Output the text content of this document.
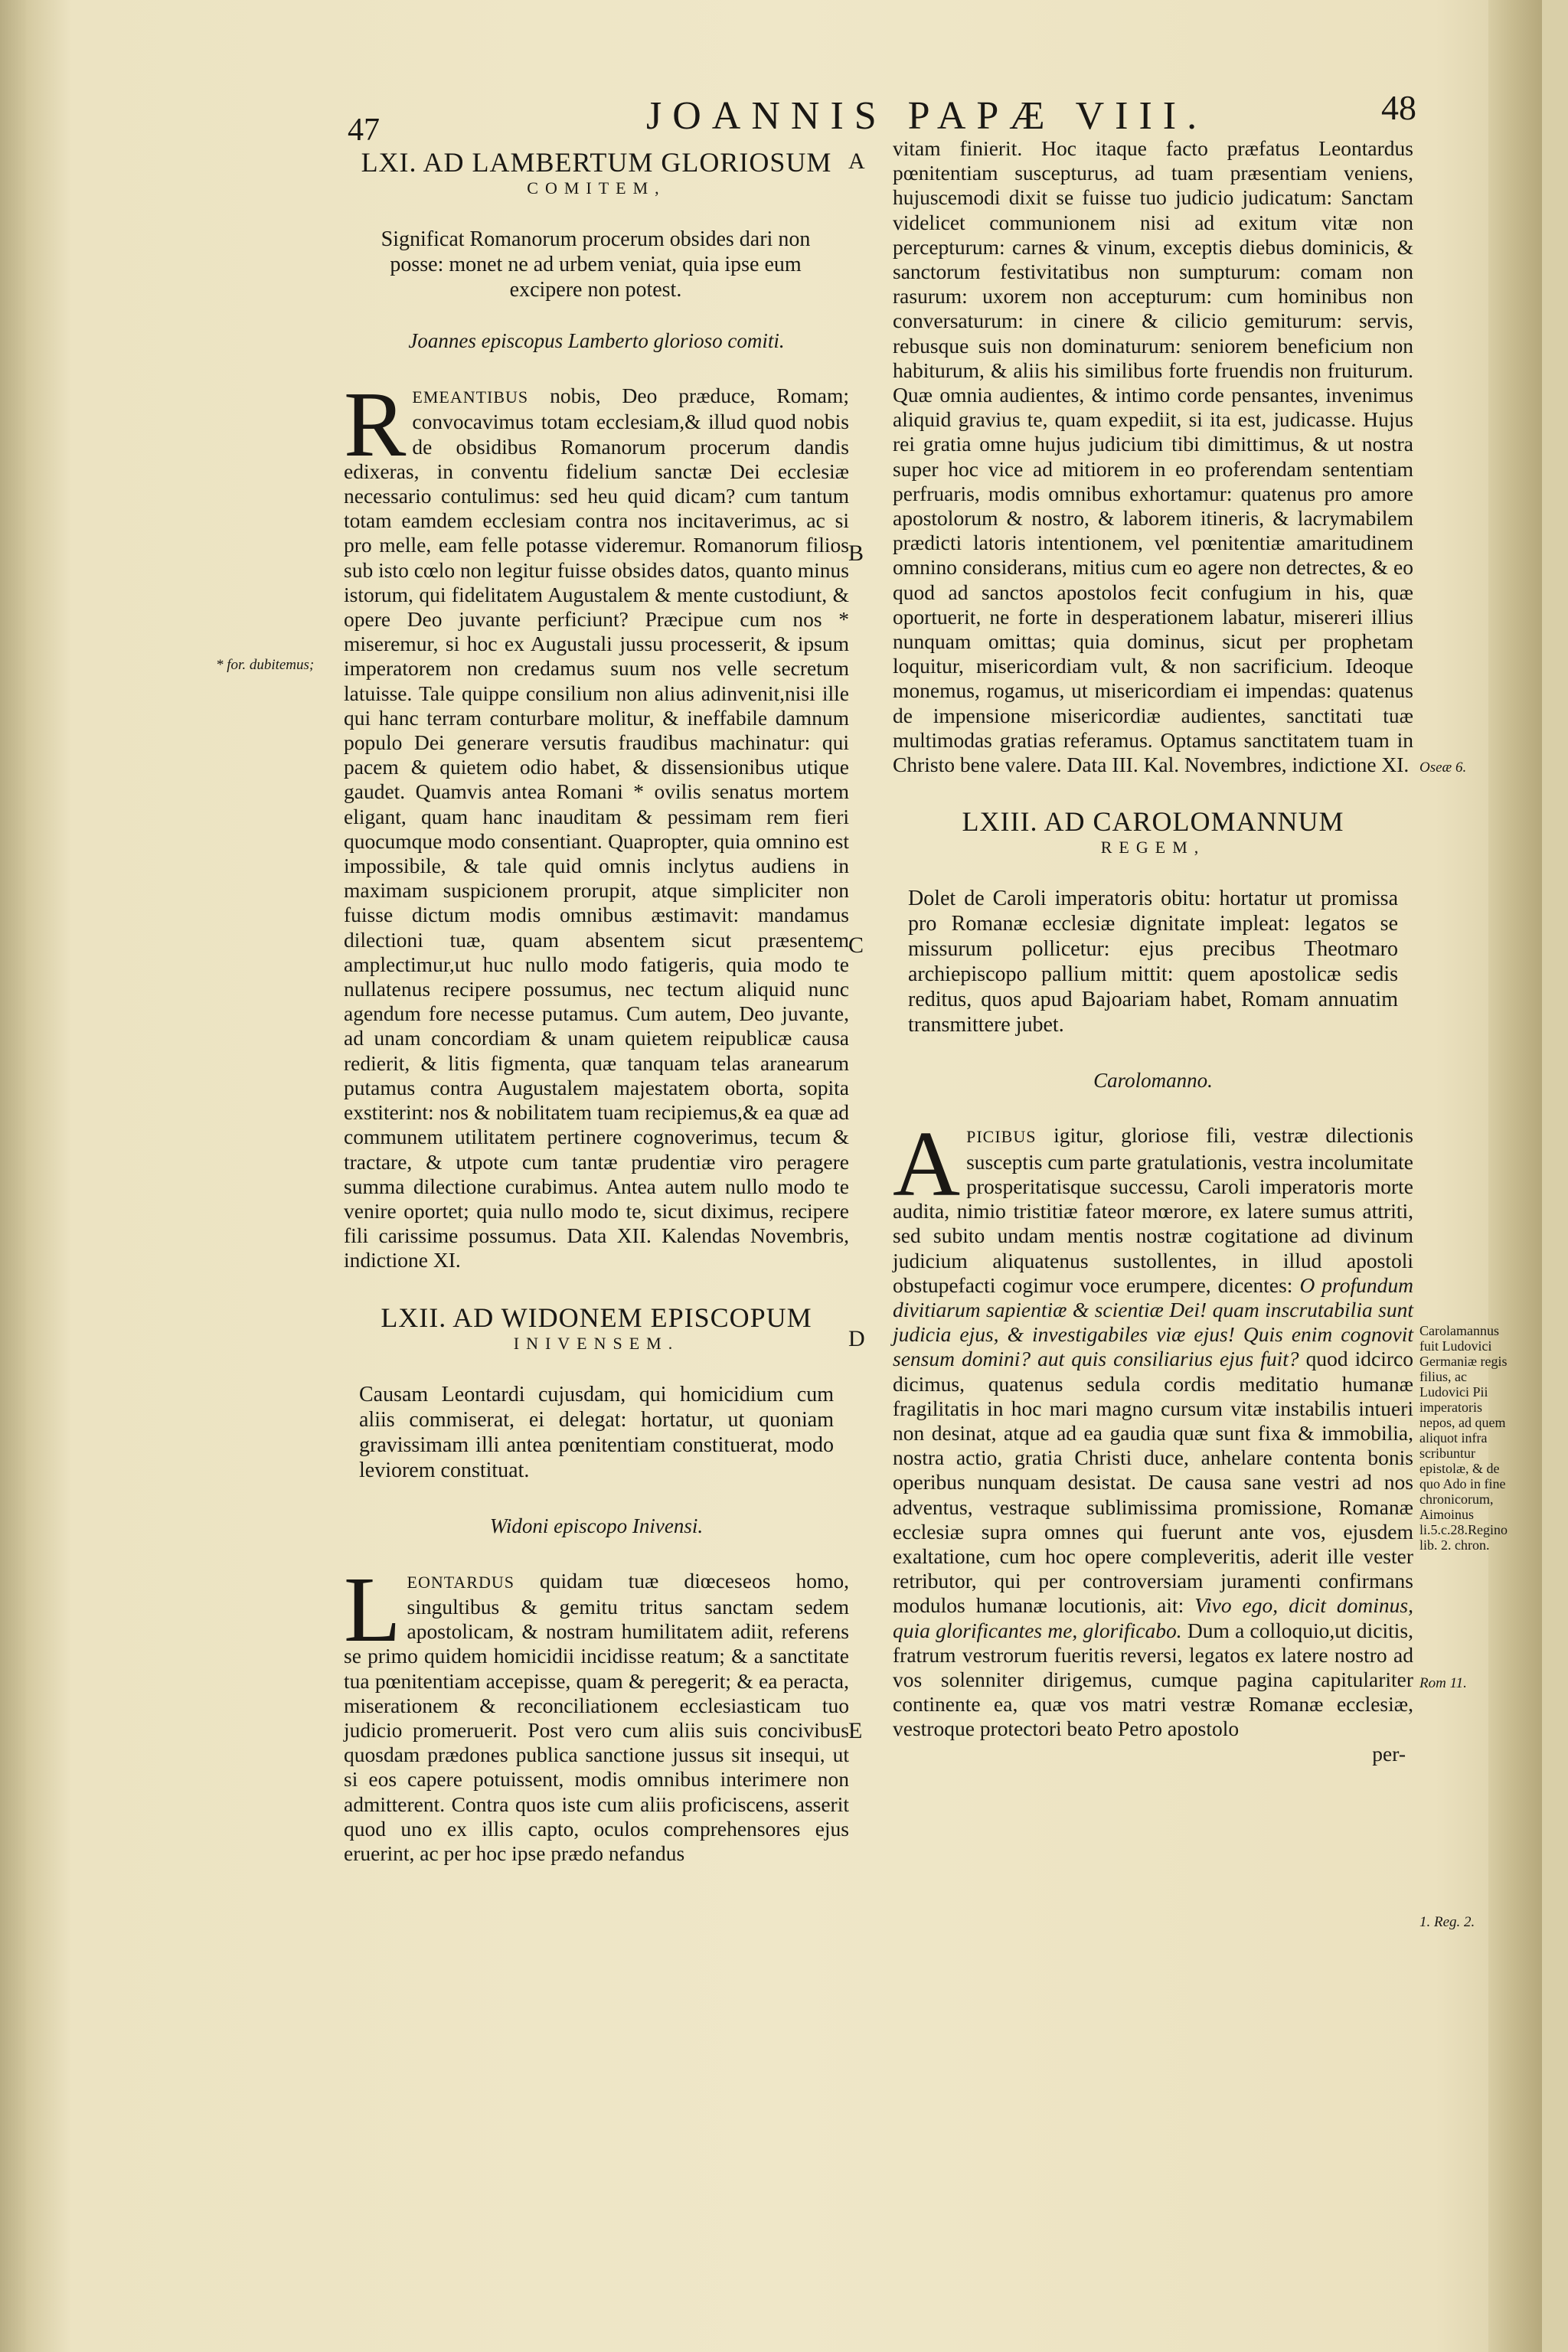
47	JOANNIS PAPÆ VIII.	48
LXI. AD LAMBERTUM GLORIOSUM
COMITEM,
Significat Romanorum procerum obsides dari non posse: monet ne ad urbem veniat, quia ipse eum excipere non potest.
Joannes episcopus Lamberto glorioso comiti.

REMEANTIBUS nobis, Deo præduce, Romam; convocavimus totam ecclesiam,& illud quod nobis de obsidibus Romanorum procerum dandis edixeras, in conventu fidelium sanctæ Dei ecclesiæ necessario contulimus: sed heu quid dicam? cum tantum totam eamdem ecclesiam contra nos incitaverimus, ac si pro melle, eam felle potasse videremur. Romanorum filios sub isto cœlo non legitur fuisse obsides datos, quanto minus istorum, qui fidelitatem Augustalem & mente custodiunt, & opere Deo juvante perficiunt? Præcipue cum nos * miseremur, si hoc ex Augustali jussu processerit, & ipsum imperatorem non credamus suum nos velle secretum latuisse. Tale quippe consilium non alius adinvenit,nisi ille qui hanc terram conturbare molitur, & ineffabile damnum populo Dei generare versutis fraudibus machinatur: qui pacem & quietem odio habet, & dissensionibus utique gaudet. Quamvis antea Romani * ovilis senatus mortem eligant, quam hanc inauditam & pessimam rem fieri quocumque modo consentiant. Quapropter, quia omnino est impossibile, & tale quid omnis inclytus audiens in maximam suspicionem prorupit, atque simpliciter non fuisse dictum modis omnibus æstimavit: mandamus dilectioni tuæ, quam absentem sicut præsentem amplectimur,ut huc nullo modo fatigeris, quia modo te nullatenus recipere possumus, nec tectum aliquid nunc agendum fore necesse putamus. Cum autem, Deo juvante, ad unam concordiam & unam quietem reipublicæ causa redierit, & litis figmenta, quæ tanquam telas aranearum putamus contra Augustalem majestatem oborta, sopita exstiterint: nos & nobilitatem tuam recipiemus,& ea quæ ad communem utilitatem pertinere cognoverimus, tecum & tractare, & utpote cum tantæ prudentiæ viro peragere summa dilectione curabimus. Antea autem nullo modo te venire oportet; quia nullo modo te, sicut diximus, recipere fili carissime possumus. Data XII. Kalendas Novembris, indictione XI.

LXII. AD WIDONEM EPISCOPUM
INIVENSEM.
Causam Leontardi cujusdam, qui homicidium cum aliis commiserat, ei delegat: hortatur, ut quoniam gravissimam illi antea pœnitentiam constituerat, modo leviorem constituat.
Widoni episcopo Inivensi.

LEONTARDUS quidam tuæ diœceseos homo, singultibus & gemitu tritus sanctam sedem apostolicam, & nostram humilitatem adiit, referens se primo quidem homicidii incidisse reatum; & a sanctitate tua pœnitentiam accepisse, quam & peregerit; & ea peracta, miserationem & reconciliationem ecclesiasticam tuo judicio promeruerit. Post vero cum aliis suis concivibus quosdam prædones publica sanctione jussus sit insequi, ut si eos capere potuissent, modis omnibus interimere non admitterent. Contra quos iste cum aliis proficiscens, asserit quod uno ex illis capto, oculos comprehensores ejus eruerint, ac per hoc ipse prædo nefandus

vitam finierit. Hoc itaque facto præfatus Leontardus pœnitentiam suscepturus, ad tuam præsentiam veniens, hujuscemodi dixit se fuisse tuo judicio judicatum: Sanctam videlicet communionem nisi ad exitum vitæ non percepturum: carnes & vinum, exceptis diebus dominicis, & sanctorum festivitatibus non sumpturum: comam non rasurum: uxorem non accepturum: cum hominibus non conversaturum: in cinere & cilicio gemiturum: servis, rebusque suis non dominaturum: seniorem beneficium non habiturum, & aliis his similibus forte fruendis non fruiturum. Quæ omnia audientes, & intimo corde pensantes, invenimus aliquid gravius te, quam expediit, si ita est, judicasse. Hujus rei gratia omne hujus judicium tibi dimittimus, & ut nostra super hoc vice ad mitiorem in eo proferendam sententiam perfruaris, modis omnibus exhortamur: quatenus pro amore apostolorum & nostro, & laborem itineris, & lacrymabilem prædicti latoris intentionem, vel pœnitentiæ amaritudinem omnino considerans, mitius cum eo agere non detrectes, & eo quod ad sanctos apostolos fecit confugium in his, quæ oportuerit, ne forte in desperationem labatur, misereri illius nunquam omittas; quia dominus, sicut per prophetam loquitur, misericordiam vult, & non sacrificium. Ideoque monemus, rogamus, ut misericordiam ei impendas: quatenus de impensione misericordiæ audientes, sanctitati tuæ multimodas gratias referamus. Optamus sanctitatem tuam in Christo bene valere. Data III. Kal. Novembres, indictione XI.

LXIII. AD CAROLOMANNUM
REGEM,
Dolet de Caroli imperatoris obitu: hortatur ut promissa pro Romanæ ecclesiæ dignitate impleat: legatos se missurum pollicetur: ejus precibus Theotmaro archiepiscopo pallium mittit: quem apostolicæ sedis reditus, quos apud Bajoariam habet, Romam annuatim transmittere jubet.
Carolomanno.

APICIBUS igitur, gloriose fili, vestræ dilectionis susceptis cum parte gratulationis, vestra incolumitate prosperitatisque successu, Caroli imperatoris morte audita, nimio tristitiæ fateor mœrore, ex latere sumus attriti, sed subito undam mentis nostræ cogitatione ad divinum judicium aliquatenus sustollentes, in illud apostoli obstupefacti cogimur voce erumpere, dicentes: O profundum divitiarum sapientiæ & scientiæ Dei! quam inscrutabilia sunt judicia ejus, & investigabiles viæ ejus! Quis enim cognovit sensum domini? aut quis consiliarius ejus fuit? quod idcirco dicimus, quatenus sedula cordis meditatio humanæ fragilitatis in hoc mari magno cursum vitæ instabilis intueri non desinat, atque ad ea gaudia quæ sunt fixa & immobilia, nostra actio, gratia Christi duce, anhelare contenta bonis operibus nunquam desistat. De causa sane vestri ad nos adventus, vestraque sublimissima promissione, Romanæ ecclesiæ supra omnes qui fuerunt ante vos, ejusdem exaltatione, cum hoc opere compleveritis, aderit ille vester retributor, qui per controversiam juramenti confirmans modulos humanæ locutionis, ait: Vivo ego, dicit dominus, quia glorificantes me, glorificabo. Dum a colloquio,ut dicitis, fratrum vestrorum fueritis reversi, legatos ex latere nostro ad vos solenniter dirigemus, cumque pagina capitulariter continente ea, quæ vos matri vestræ Romanæ ecclesiæ, vestroque protectori beato Petro apostolo

per-
A
B
C
D
E
* for. dubitemus;
Oseæ 6.
Carolamannus fuit Ludovici Germaniæ regis filius, ac Ludovici Pii imperatoris nepos, ad quem aliquot infra scribuntur epistolæ, & de quo Ado in fine chronicorum, Aimoinus li.5.c.28.Regino lib. 2. chron.
Rom 11.
1. Reg. 2.
